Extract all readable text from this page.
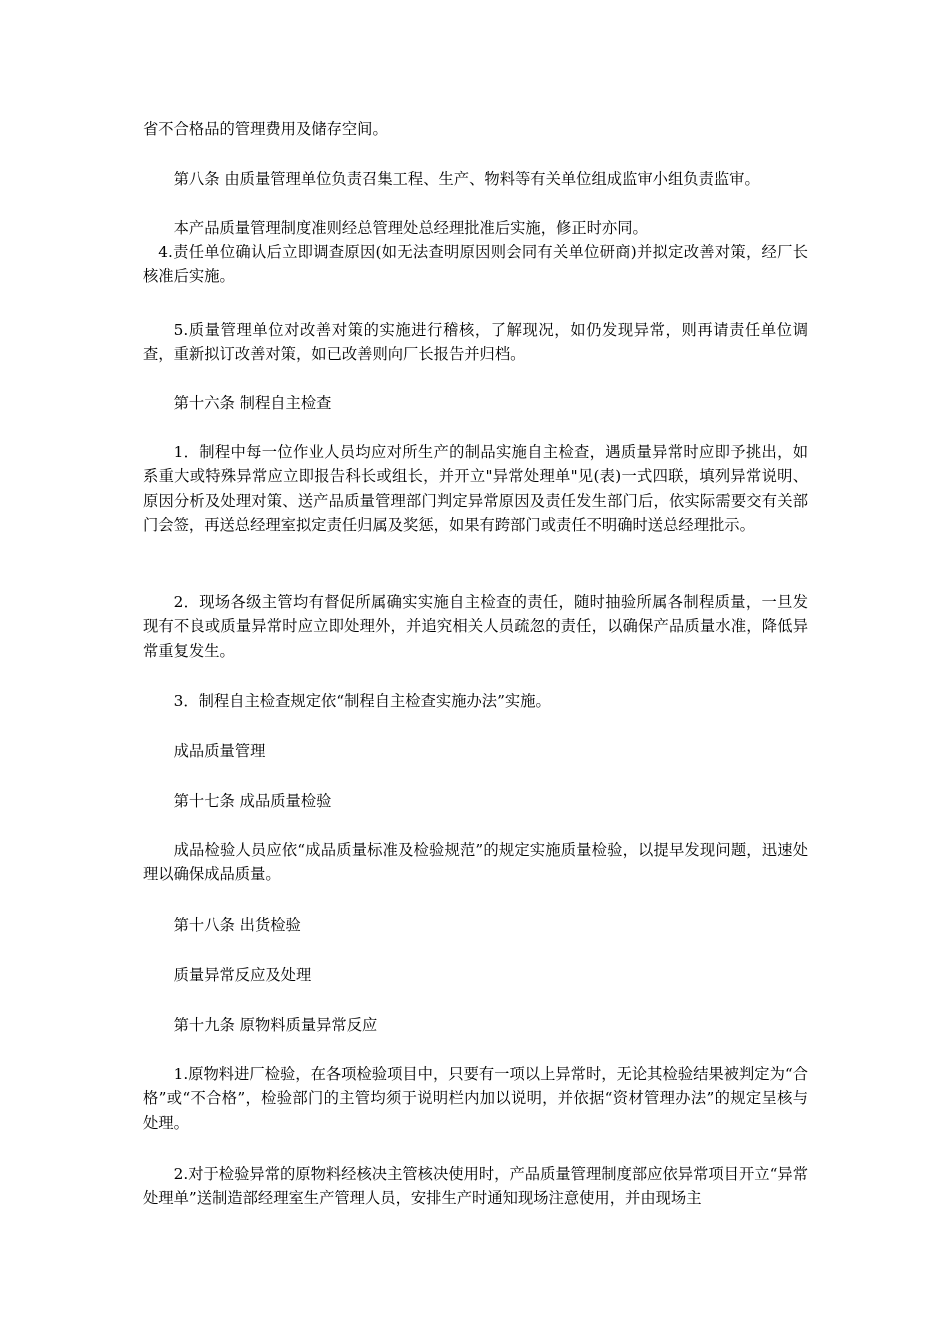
省不合格品的管理费用及储存空间。

第八条 由质量管理单位负责召集工程、生产、物料等有关单位组成监审小组负责监审。

本产品质量管理制度准则经总管理处总经理批准后实施，修正时亦同。

4.责任单位确认后立即调查原因(如无法查明原因则会同有关单位研商)并拟定改善对策，经厂长核准后实施。

5.质量管理单位对改善对策的实施进行稽核，了解现况，如仍发现异常，则再请责任单位调查，重新拟订改善对策，如已改善则向厂长报告并归档。

第十六条 制程自主检查

1．制程中每一位作业人员均应对所生产的制品实施自主检查，遇质量异常时应即予挑出，如系重大或特殊异常应立即报告科长或组长，并开立"异常处理单"见(表)一式四联，填列异常说明、原因分析及处理对策、送产品质量管理部门判定异常原因及责任发生部门后，依实际需要交有关部门会签，再送总经理室拟定责任归属及奖惩，如果有跨部门或责任不明确时送总经理批示。

2．现场各级主管均有督促所属确实实施自主检查的责任，随时抽验所属各制程质量，一旦发现有不良或质量异常时应立即处理外，并追究相关人员疏忽的责任，以确保产品质量水准，降低异常重复发生。

3．制程自主检查规定依“制程自主检查实施办法”实施。

成品质量管理

第十七条 成品质量检验

成品检验人员应依“成品质量标准及检验规范”的规定实施质量检验，以提早发现问题，迅速处理以确保成品质量。

第十八条 出货检验

质量异常反应及处理

第十九条 原物料质量异常反应

1.原物料进厂检验，在各项检验项目中，只要有一项以上异常时，无论其检验结果被判定为“合格”或“不合格”，检验部门的主管均须于说明栏内加以说明，并依据“资材管理办法”的规定呈核与处理。

2.对于检验异常的原物料经核决主管核决使用时，产品质量管理制度部应依异常项目开立“异常处理单”送制造部经理室生产管理人员，安排生产时通知现场注意使用，并由现场主
